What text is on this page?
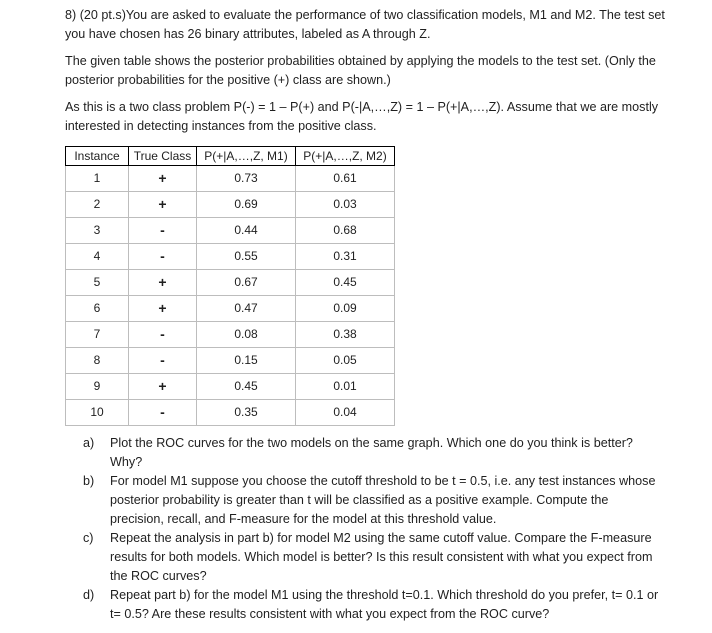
8) (20 pt.s)You are asked to evaluate the performance of two classification models, M1 and M2. The test set you have chosen has 26 binary attributes, labeled as A through Z.

The given table shows the posterior probabilities obtained by applying the models to the test set. (Only the posterior probabilities for the positive (+) class are shown.)

As this is a two class problem P(-) = 1 – P(+) and P(-|A,…,Z) = 1 – P(+|A,…,Z). Assume that we are mostly interested in detecting instances from the positive class.

Instance	True Class	P(+|A,…,Z, M1)	P(+|A,…,Z, M2)
1	+	0.73	0.61
2	+	0.69	0.03
3	-	0.44	0.68
4	-	0.55	0.31
5	+	0.67	0.45
6	+	0.47	0.09
7	-	0.08	0.38
8	-	0.15	0.05
9	+	0.45	0.01
10	-	0.35	0.04
a) Plot the ROC curves for the two models on the same graph. Which one do you think is better? Why?
b) For model M1 suppose you choose the cutoff threshold to be t = 0.5, i.e. any test instances whose posterior probability is greater than t will be classified as a positive example. Compute the precision, recall, and F-measure for the model at this threshold value.
c) Repeat the analysis in part b) for model M2 using the same cutoff value. Compare the F-measure results for both models. Which model is better? Is this result consistent with what you expect from the ROC curves?
d) Repeat part b) for the model M1 using the threshold t=0.1. Which threshold do you prefer, t= 0.1 or t= 0.5? Are these results consistent with what you expect from the ROC curve?
